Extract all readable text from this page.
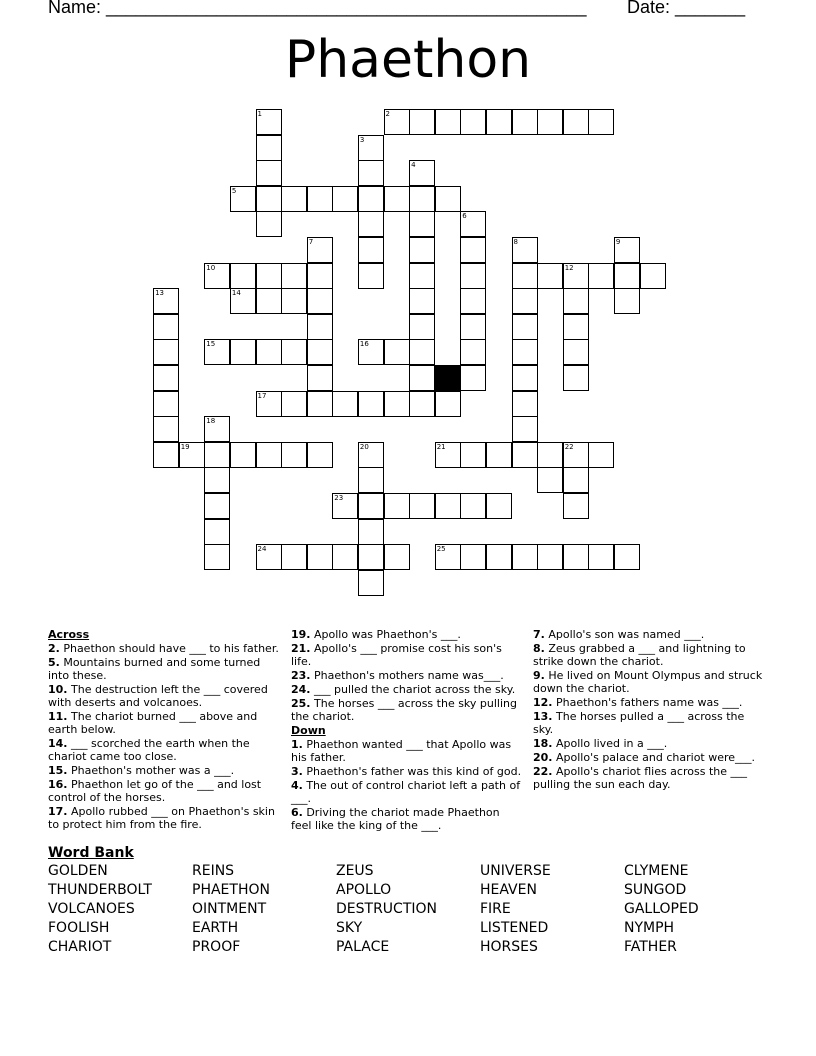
Name: ________________________________________________ Date: _______
Phaethon
1	2
3
4
5
6
7	8	9
10	12
13	14
15	16
17
18
19	20	21	22
23
24	25
Across
2. Phaethon should have ___ to his father.
5. Mountains burned and some turned into these.
10. The destruction left the ___ covered with deserts and volcanoes.
11. The chariot burned ___ above and earth below.
14. ___ scorched the earth when the chariot came too close.
15. Phaethon's mother was a ___.
16. Phaethon let go of the ___ and lost control of the horses.
17. Apollo rubbed ___ on Phaethon's skin to protect him from the fire.
19. Apollo was Phaethon's ___.
21. Apollo's ___ promise cost his son's life.
23. Phaethon's mothers name was___.
24. ___ pulled the chariot across the sky.
25. The horses ___ across the sky pulling the chariot.
Down
1. Phaethon wanted ___ that Apollo was his father.
3. Phaethon's father was this kind of god.
4. The out of control chariot left a path of ___.
6. Driving the chariot made Phaethon feel like the king of the ___.
7. Apollo's son was named ___.
8. Zeus grabbed a ___ and lightning to strike down the chariot.
9. He lived on Mount Olympus and struck down the chariot.
12. Phaethon's fathers name was ___.
13. The horses pulled a ___ across the sky.
18. Apollo lived in a ___.
20. Apollo's palace and chariot were___.
22. Apollo's chariot flies across the ___ pulling the sun each day.
Word Bank
GOLDEN	REINS	ZEUS	UNIVERSE	CLYMENE
THUNDERBOLT	PHAETHON	APOLLO	HEAVEN	SUNGOD
VOLCANOES	OINTMENT	DESTRUCTION	FIRE	GALLOPED
FOOLISH	EARTH	SKY	LISTENED	NYMPH
CHARIOT	PROOF	PALACE	HORSES	FATHER
